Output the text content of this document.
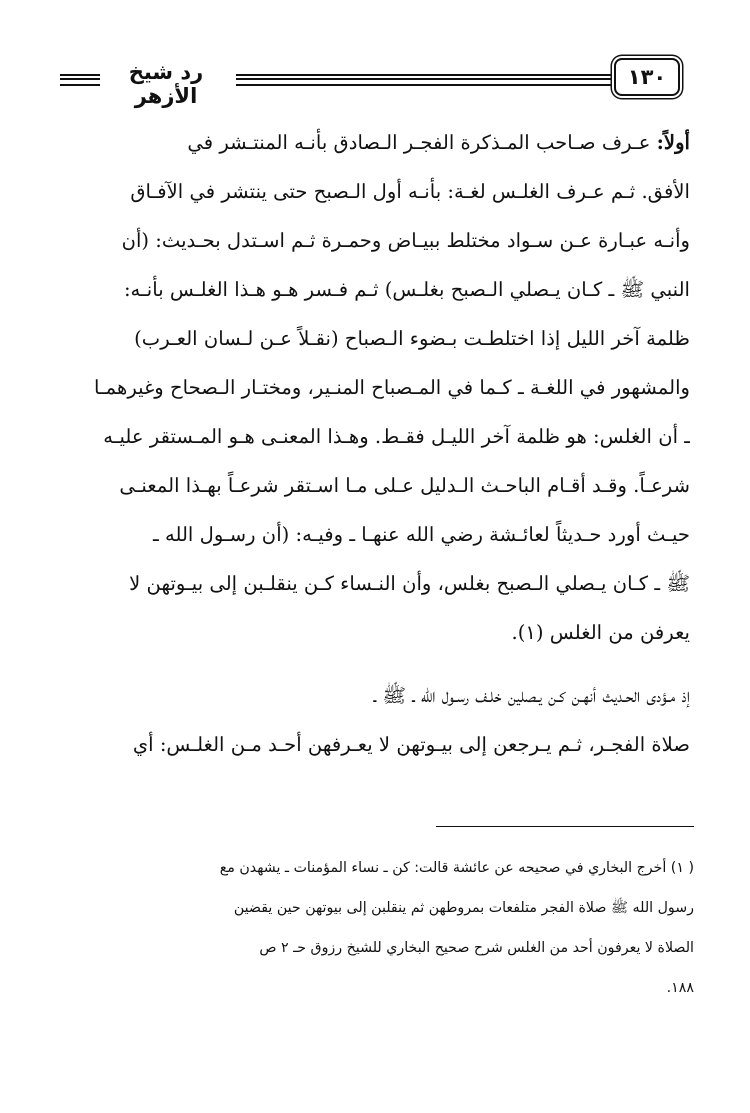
رد شيخ الأزهر
١٣٠
أولاً: عـرف صـاحب المـذكرة الفجـر الـصادق بأنـه المنتـشر في
الأفق. ثـم عـرف الغلـس لغـة: بأنـه أول الـصبح حتى ينتشر في الآفـاق
وأنـه عبـارة عـن سـواد مختلط ببيـاض وحمـرة ثـم اسـتدل بحـديث: (أن
النبي ﷺ ـ كـان يـصلي الـصبح بغلـس) ثـم فـسر هـو هـذا الغلـس بأنـه:
ظلمة آخر الليل إذا اختلطـت بـضوء الـصباح (نقـلاً عـن لـسان العـرب)
والمشهور في اللغـة ـ كـما في المـصباح المنـير، ومختـار الـصحاح وغيرهمـا
ـ أن الغلس: هو ظلمة آخر الليـل فقـط. وهـذا المعنـى هـو المـستقر عليـه
شرعـاً. وقـد أقـام الباحـث الـدليل عـلى مـا اسـتقر شرعـاً بهـذا المعنـى
حيـث أورد حـديثاً لعائـشة رضي الله عنهـا ـ وفيـه: (أن رسـول الله ـ
ﷺ ـ كـان يـصلي الـصبح بغلس، وأن النـساء كـن ينقلـبن إلى بيـوتهن لا
يعرفن من الغلس (١).
إذ مـؤدى الحـديث أنهـن كـن يـصلين خلـف رسـول الله ـ ﷺ ـ
صلاة الفجـر، ثـم يـرجعن إلى بيـوتهن لا يعـرفهن أحـد مـن الغلـس: أي
( ١) أخرج البخاري في صحيحه عن عائشة قالت: كن ـ نساء المؤمنات ـ يشهدن مع
رسول الله ﷺ صلاة الفجر متلفعات بمروطهن ثم ينقلبن إلى بيوتهن حين يقضين
الصلاة لا يعرفون أحد من الغلس شرح صحيح البخاري للشيخ رزوق حـ ٢ ص
١٨٨.
